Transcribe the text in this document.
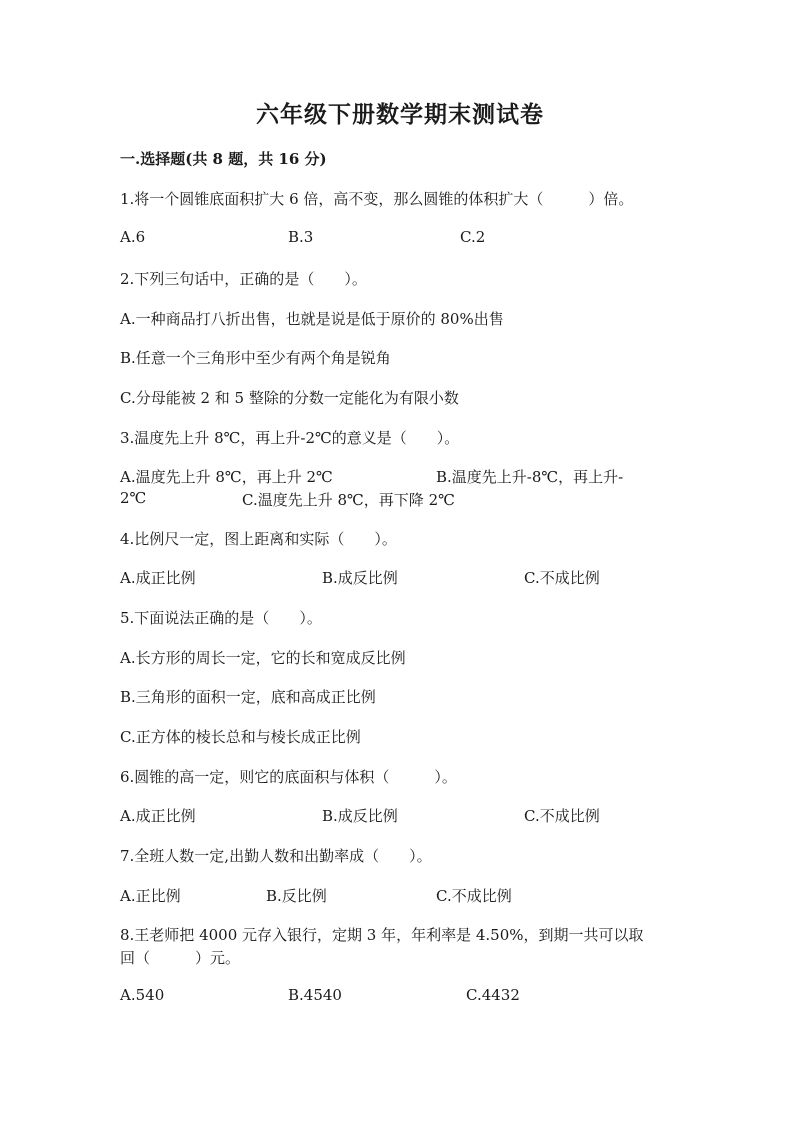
六年级下册数学期末测试卷
一.选择题(共 8 题，共 16 分)
1.将一个圆锥底面积扩大 6 倍，高不变，那么圆锥的体积扩大（　　　）倍。
A.6	B.3	C.2
2.下列三句话中，正确的是（　　）。
A.一种商品打八折出售，也就是说是低于原价的 80%出售
B.任意一个三角形中至少有两个角是锐角
C.分母能被 2 和 5 整除的分数一定能化为有限小数
3.温度先上升 8℃，再上升-2℃的意义是（　　）。
A.温度先上升 8℃，再上升 2℃	B.温度先上升-8℃，再上升-
2℃	C.温度先上升 8℃，再下降 2℃
4.比例尺一定，图上距离和实际（　　）。
A.成正比例	B.成反比例	C.不成比例
5.下面说法正确的是（　　）。
A.长方形的周长一定，它的长和宽成反比例
B.三角形的面积一定，底和高成正比例
C.正方体的棱长总和与棱长成正比例
6.圆锥的高一定，则它的底面积与体积（　　　）。
A.成正比例	B.成反比例	C.不成比例
7.全班人数一定,出勤人数和出勤率成（　　）。
A.正比例	B.反比例	C.不成比例
8.王老师把 4000 元存入银行，定期 3 年，年利率是 4.50%，到期一共可以取
回（　　　）元。
A.540	B.4540	C.4432
